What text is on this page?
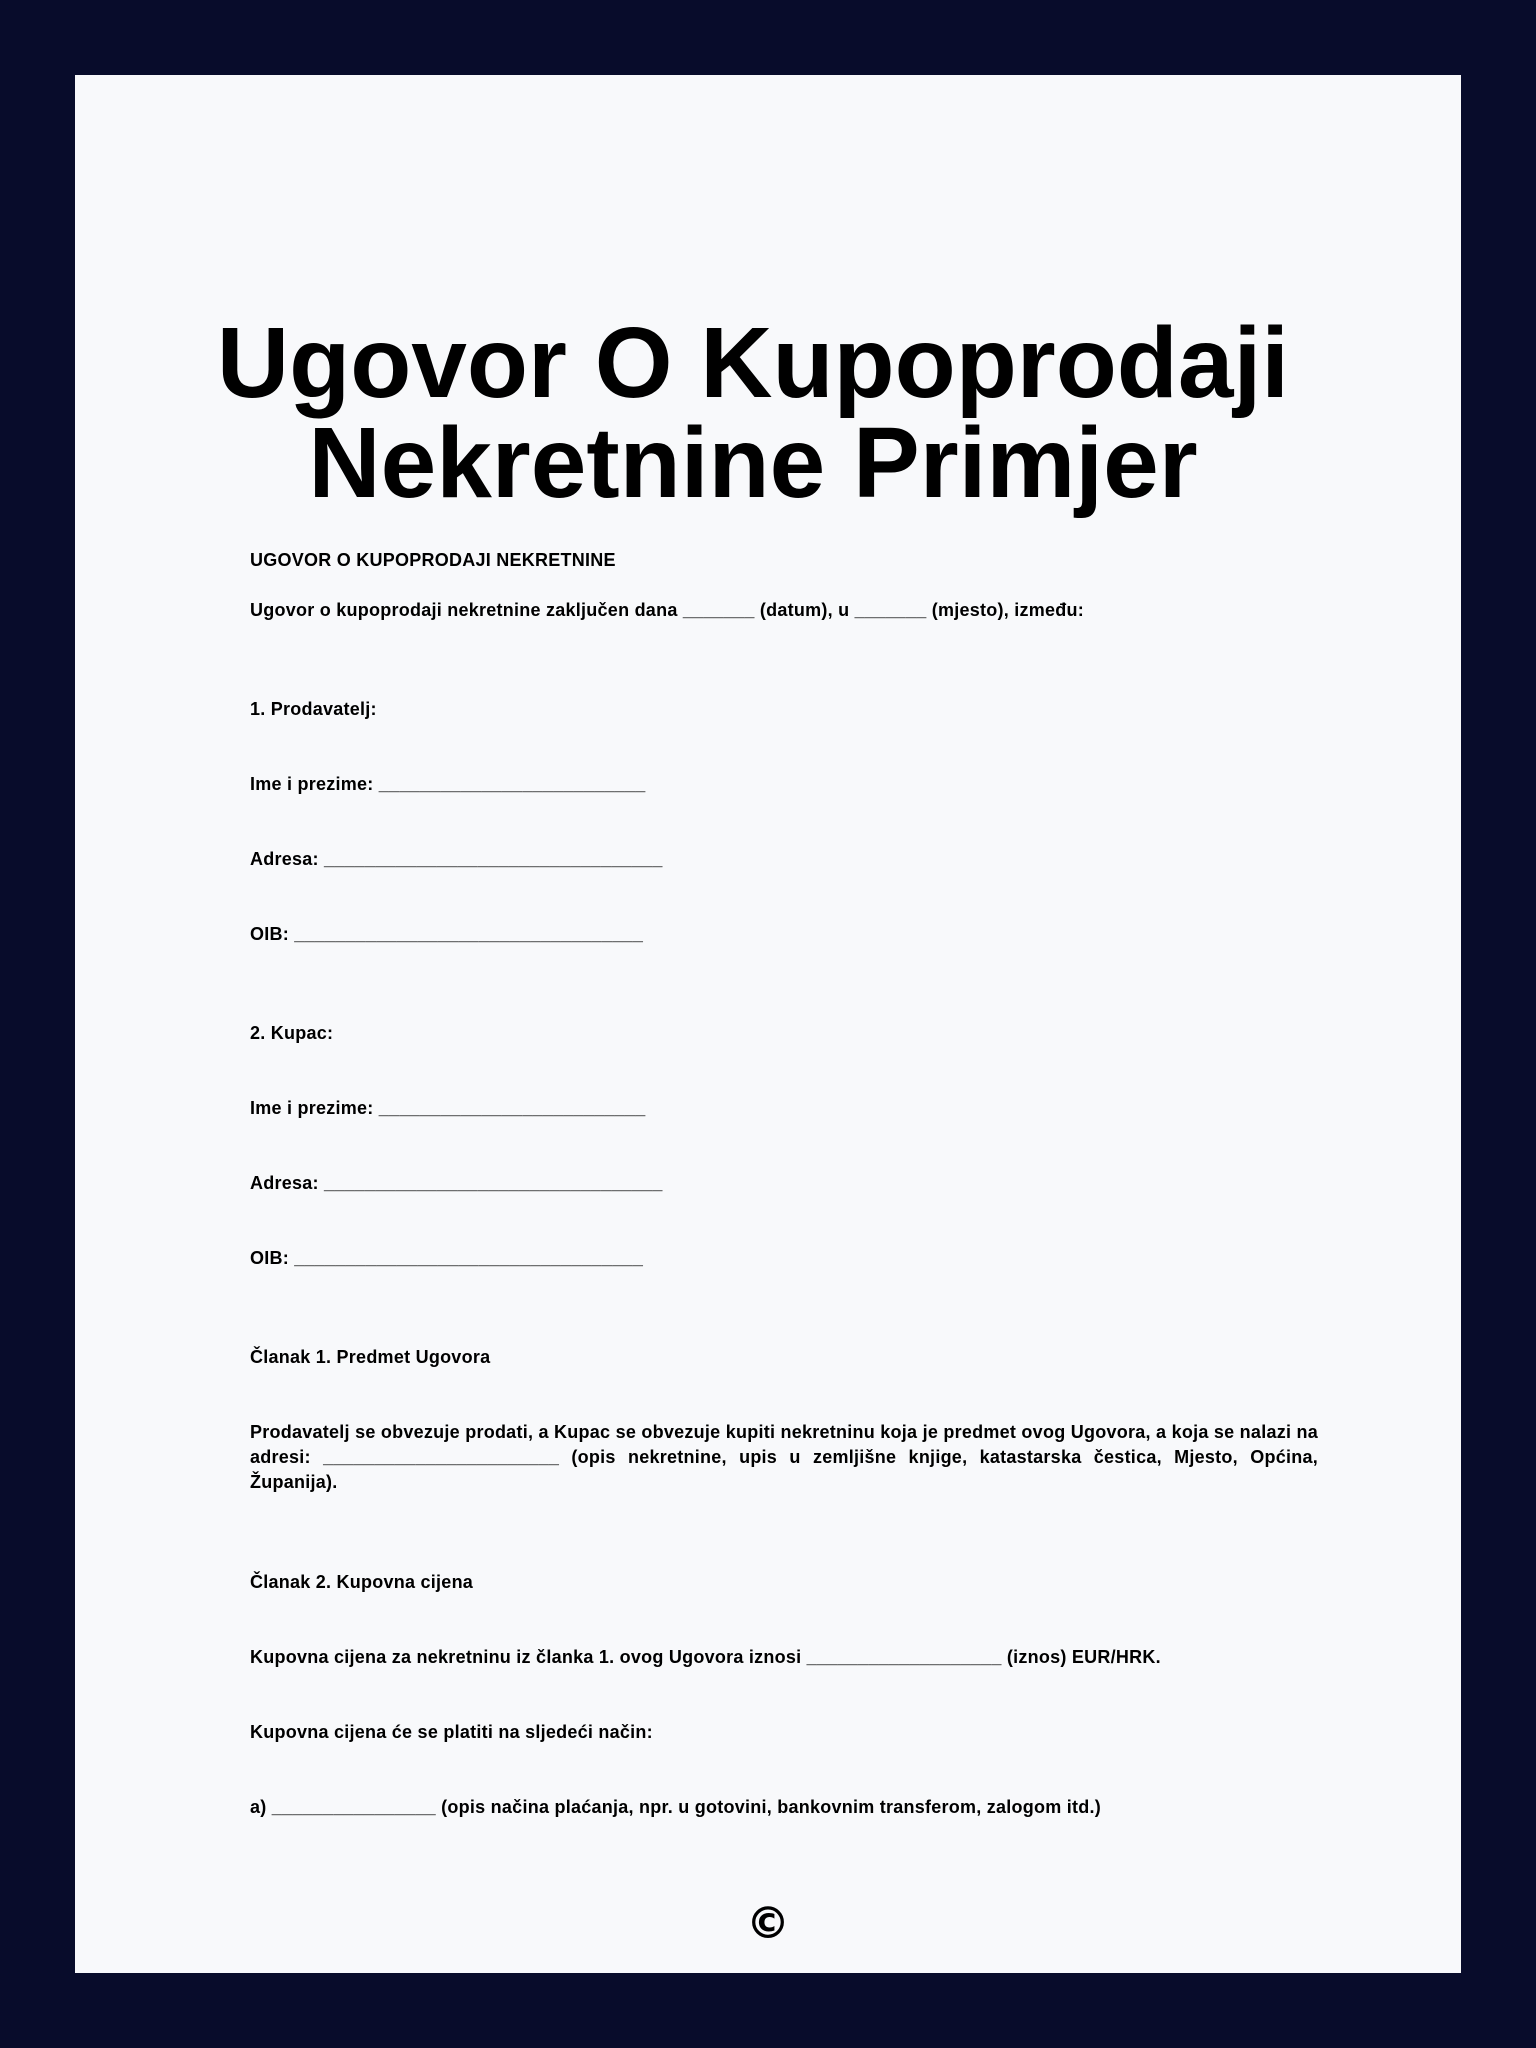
Ugovor O Kupoprodaji
Nekretnine Primjer
UGOVOR O KUPOPRODAJI NEKRETNINE
Ugovor o kupoprodaji nekretnine zaključen dana _______ (datum), u _______ (mjesto), između:
1. Prodavatelj:
Ime i prezime: __________________________
Adresa: _________________________________
OIB: __________________________________
2. Kupac:
Ime i prezime: __________________________
Adresa: _________________________________
OIB: __________________________________
Članak 1. Predmet Ugovora
Prodavatelj se obvezuje prodati, a Kupac se obvezuje kupiti nekretninu koja je predmet ovog Ugovora, a koja se nalazi na adresi: _______________________ (opis nekretnine, upis u zemljišne knjige, katastarska čestica, Mjesto, Općina, Županija).
Članak 2. Kupovna cijena
Kupovna cijena za nekretninu iz članka 1. ovog Ugovora iznosi ___________________ (iznos) EUR/HRK.
Kupovna cijena će se platiti na sljedeći način:
a) ________________ (opis načina plaćanja, npr. u gotovini, bankovnim transferom, zalogom itd.)
©
